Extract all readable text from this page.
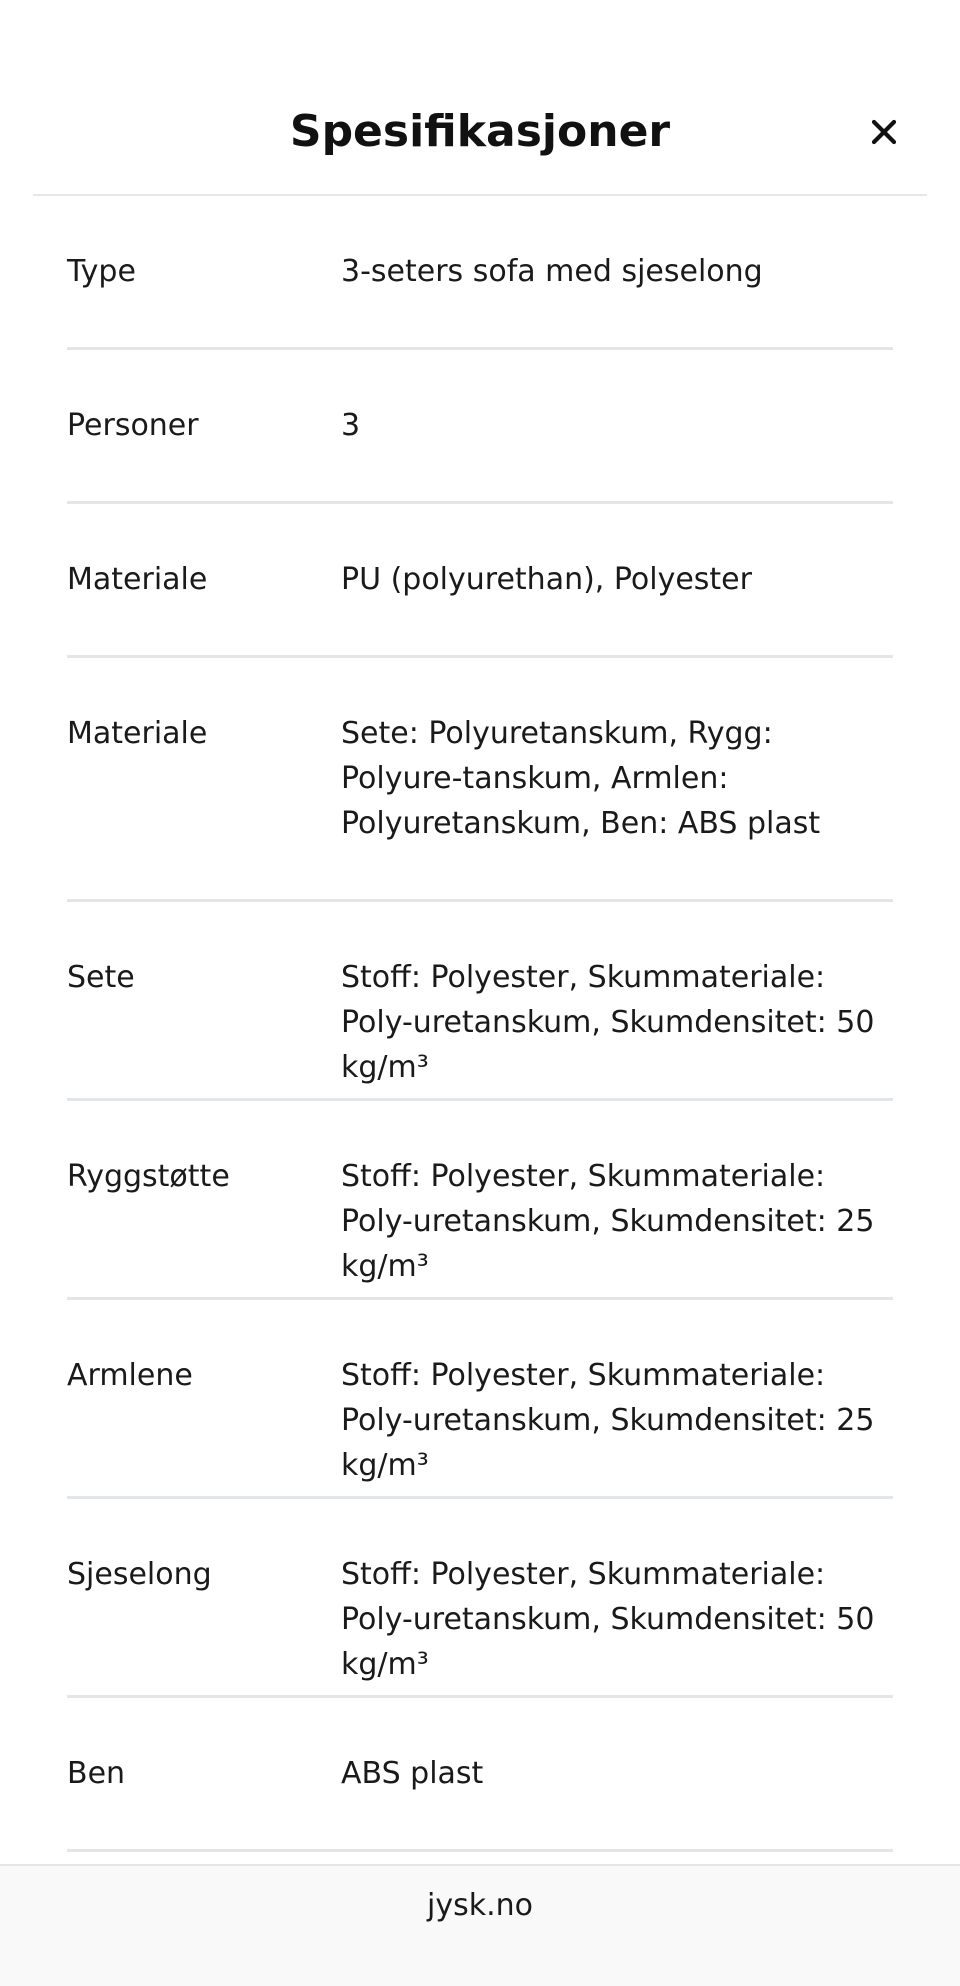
Spesifikasjoner
Type	3-seters sofa med sjeselong
Personer	3
Materiale	PU (polyurethan), Polyester
Materiale	Sete: Polyuretanskum, Rygg: Polyure-tanskum, Armlen: Polyuretanskum, Ben: ABS plast
Sete	Stoff: Polyester, Skummateriale: Poly-uretanskum, Skumdensitet: 50 kg/m³
Ryggstøtte	Stoff: Polyester, Skummateriale: Poly-uretanskum, Skumdensitet: 25 kg/m³
Armlene	Stoff: Polyester, Skummateriale: Poly-uretanskum, Skumdensitet: 25 kg/m³
Sjeselong	Stoff: Polyester, Skummateriale: Poly-uretanskum, Skumdensitet: 50 kg/m³
Ben	ABS plast
jysk.no
